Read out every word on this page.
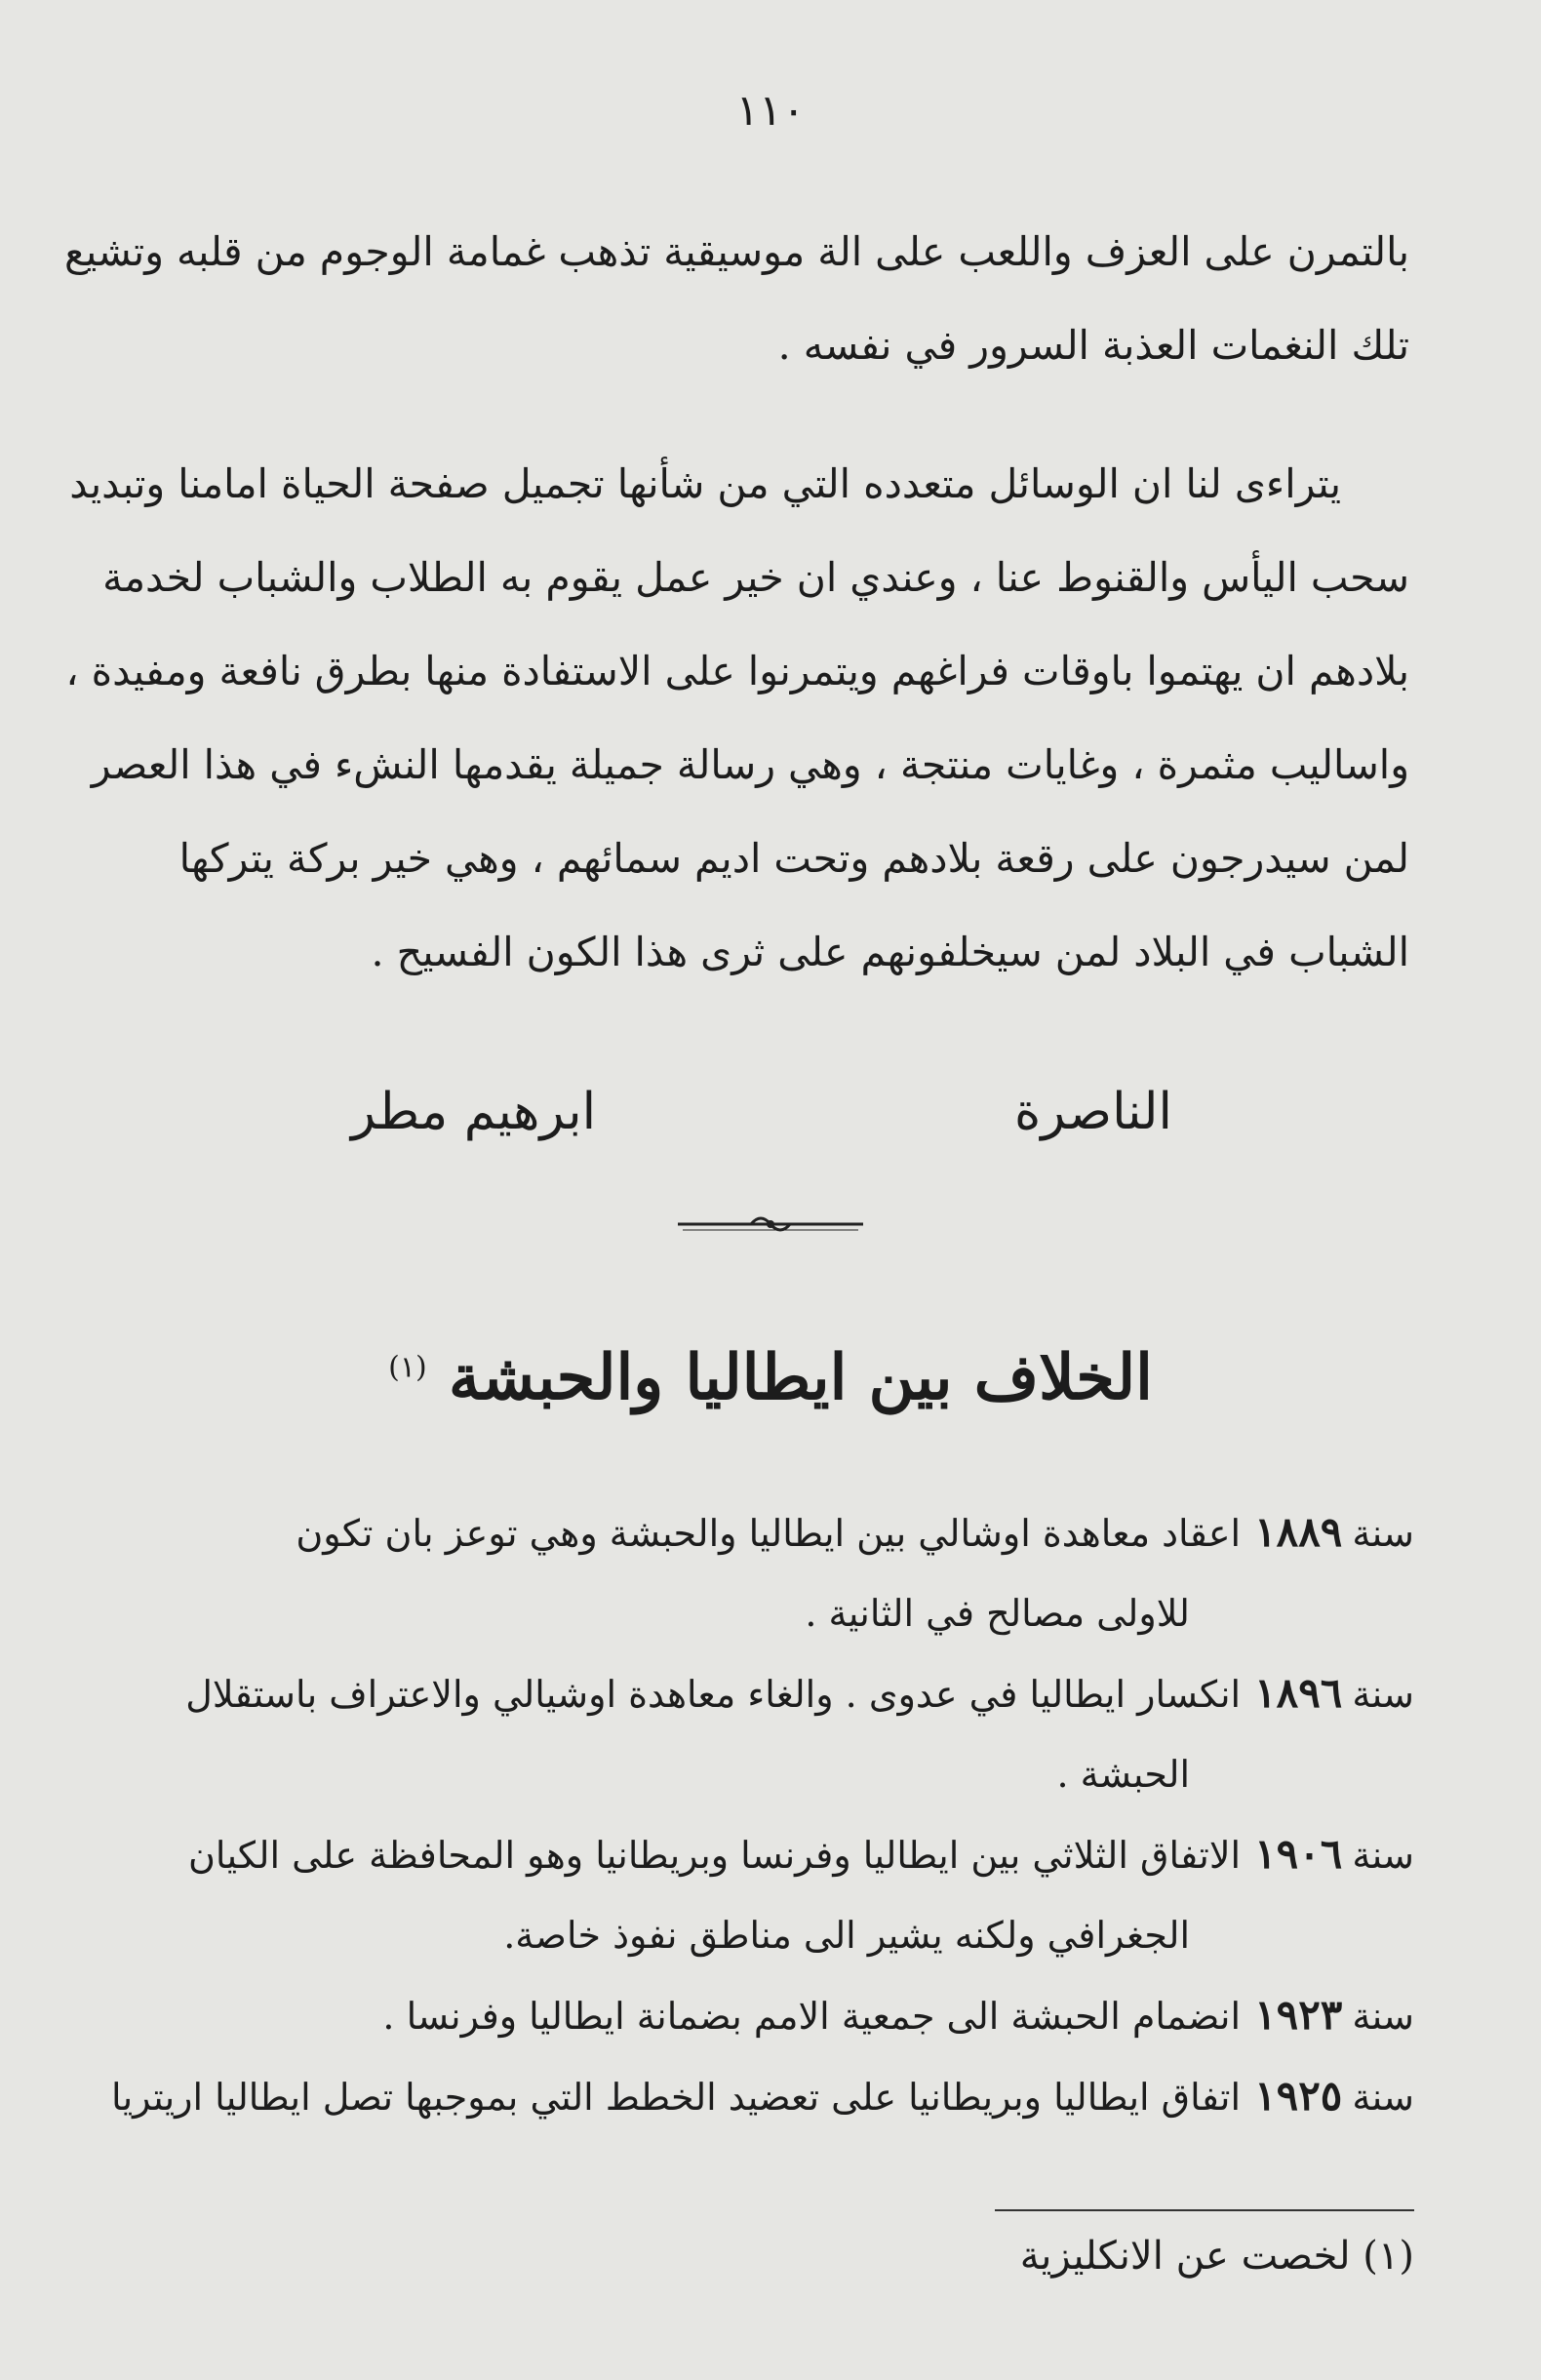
١١٠
بالتمرن على العزف واللعب على الة موسيقية تذهب غمامة الوجوم من قلبه وتشيع
تلك النغمات العذبة السرور في نفسه .
يتراءى لنا ان الوسائل متعدده التي من شأنها تجميل صفحة الحياة امامنا وتبديد
سحب اليأس والقنوط عنا ، وعندي ان خير عمل يقوم به الطلاب والشباب لخدمة
بلادهم ان يهتموا باوقات فراغهم ويتمرنوا على الاستفادة منها بطرق نافعة ومفيدة ،
واساليب مثمرة ، وغايات منتجة ، وهي رسالة جميلة يقدمها النشء في هذا العصر
لمن سيدرجون على رقعة بلادهم وتحت اديم سمائهم ، وهي خير بركة يتركها
الشباب في البلاد لمن سيخلفونهم على ثرى هذا الكون الفسيح .
الناصرة
ابرهيم مطر
الخلاف بين ايطاليا والحبشة $^{(١)}$
سنة١٨٨٩اعقاد معاهدة اوشالي بين ايطاليا والحبشة وهي توعز بان تكون
للاولى مصالح في الثانية .
سنة١٨٩٦انكسار ايطاليا في عدوى . والغاء معاهدة اوشيالي والاعتراف باستقلال
الحبشة .
سنة١٩٠٦الاتفاق الثلاثي بين ايطاليا وفرنسا وبريطانيا وهو المحافظة على الكيان
الجغرافي ولكنه يشير الى مناطق نفوذ خاصة.
سنة١٩٢٣انضمام الحبشة الى جمعية الامم بضمانة ايطاليا وفرنسا .
سنة١٩٢٥اتفاق ايطاليا وبريطانيا على تعضيد الخطط التي بموجبها تصل ايطاليا اريتريا
(١) لخصت عن الانكليزية
